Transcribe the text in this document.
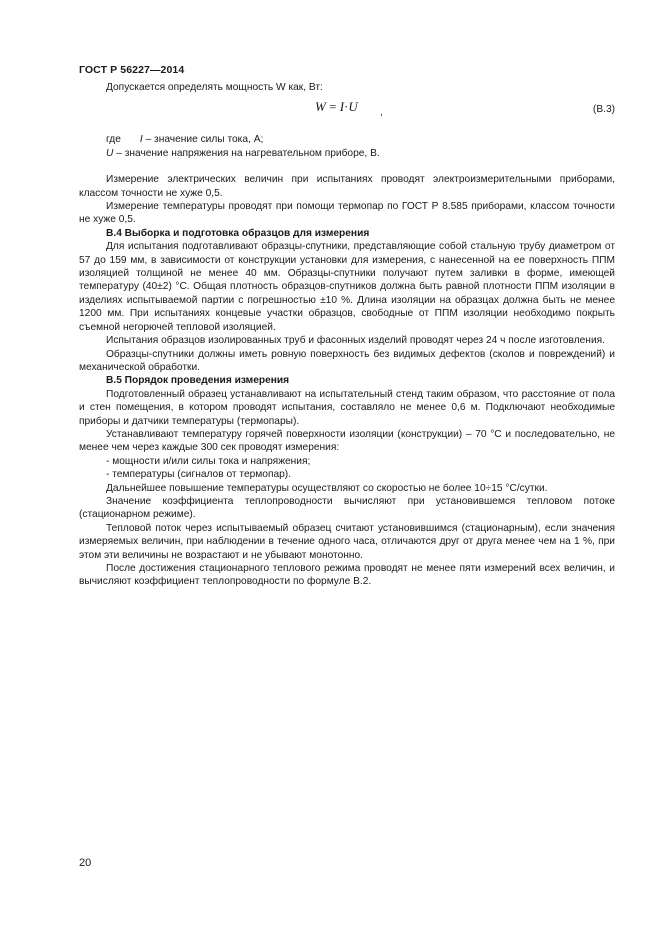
ГОСТ Р 56227—2014

Допускается определять мощность W как, Вт:

W = I·U ,	(В.3)
где I – значение силы тока, А;
U – значение напряжения на нагревательном приборе, В.

Измерение электрических величин при испытаниях проводят электроизмерительными приборами, классом точности не хуже 0,5.

Измерение температуры проводят при помощи термопар по ГОСТ Р 8.585 приборами, классом точности не хуже 0,5.

В.4 Выборка и подготовка образцов для измерения

Для испытания подготавливают образцы-спутники, представляющие собой стальную трубу диаметром от 57 до 159 мм, в зависимости от конструкции установки для измерения, с нанесенной на ее поверхность ППМ изоляцией толщиной не менее 40 мм. Образцы-спутники получают путем заливки в форме, имеющей температуру (40±2) °С. Общая плотность образцов-спутников должна быть равной плотности ППМ изоляции в изделиях испытываемой партии с погрешностью ±10 %. Длина изоляции на образцах должна быть не менее 1200 мм. При испытаниях концевые участки образцов, свободные от ППМ изоляции необходимо покрыть съемной негорючей тепловой изоляцией.

Испытания образцов изолированных труб и фасонных изделий проводят через 24 ч после изготовления.

Образцы-спутники должны иметь ровную поверхность без видимых дефектов (сколов и повреждений) и механической обработки.

В.5 Порядок проведения измерения

Подготовленный образец устанавливают на испытательный стенд таким образом, что расстояние от пола и стен помещения, в котором проводят испытания, составляло не менее 0,6 м. Подключают необходимые приборы и датчики температуры (термопары).

Устанавливают температуру горячей поверхности изоляции (конструкции) – 70 °С и последовательно, не менее чем через каждые 300 сек проводят измерения:

- мощности и/или силы тока и напряжения;
- температуры (сигналов от термопар).

Дальнейшее повышение температуры осуществляют со скоростью не более 10÷15 °С/сутки.

Значение коэффициента теплопроводности вычисляют при установившемся тепловом потоке (стационарном режиме).

Тепловой поток через испытываемый образец считают установившимся (стационарным), если значения измеряемых величин, при наблюдении в течение одного часа, отличаются друг от друга менее чем на 1 %, при этом эти величины не возрастают и не убывают монотонно.

После достижения стационарного теплового режима проводят не менее пяти измерений всех величин, и вычисляют коэффициент теплопроводности по формуле В.2.

20
